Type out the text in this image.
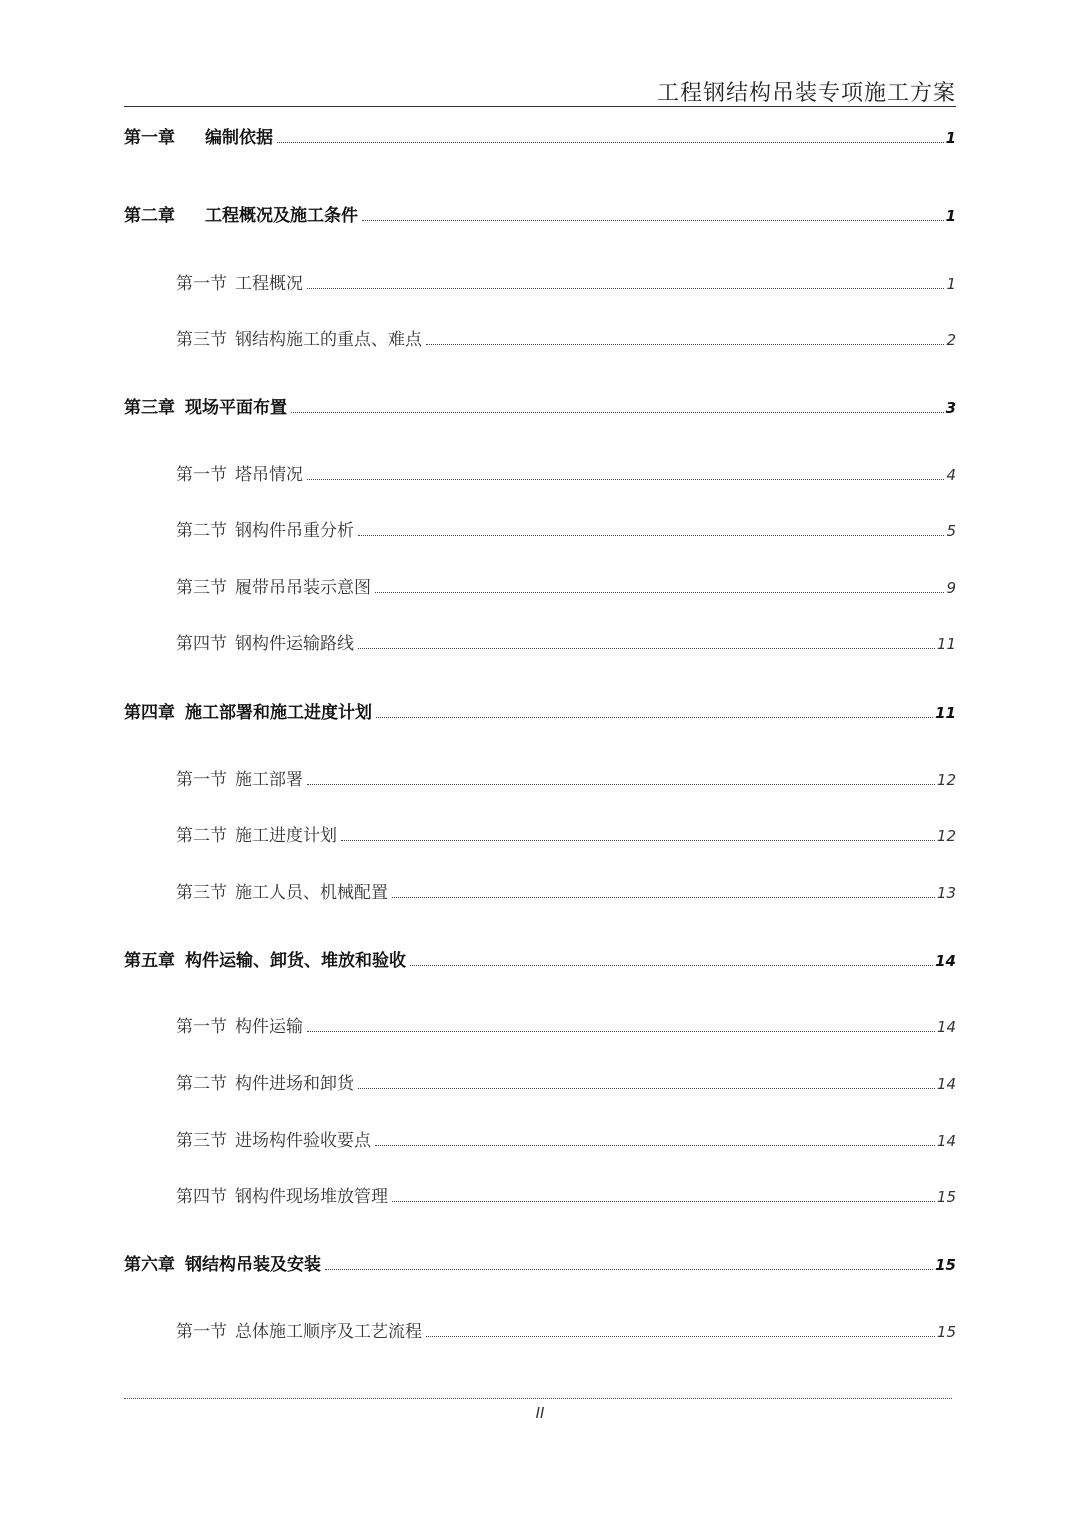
工程钢结构吊装专项施工方案
第一章 编制依据	1
第二章 工程概况及施工条件	1
第一节 工程概况	1
第三节 钢结构施工的重点、难点	2
第三章 现场平面布置	3
第一节 塔吊情况	4
第二节 钢构件吊重分析	5
第三节 履带吊吊装示意图	9
第四节 钢构件运输路线	11
第四章 施工部署和施工进度计划	11
第一节 施工部署	12
第二节 施工进度计划	12
第三节 施工人员、机械配置	13
第五章 构件运输、卸货、堆放和验收	14
第一节 构件运输	14
第二节 构件进场和卸货	14
第三节 进场构件验收要点	14
第四节 钢构件现场堆放管理	15
第六章 钢结构吊装及安装	15
第一节 总体施工顺序及工艺流程	15
II
